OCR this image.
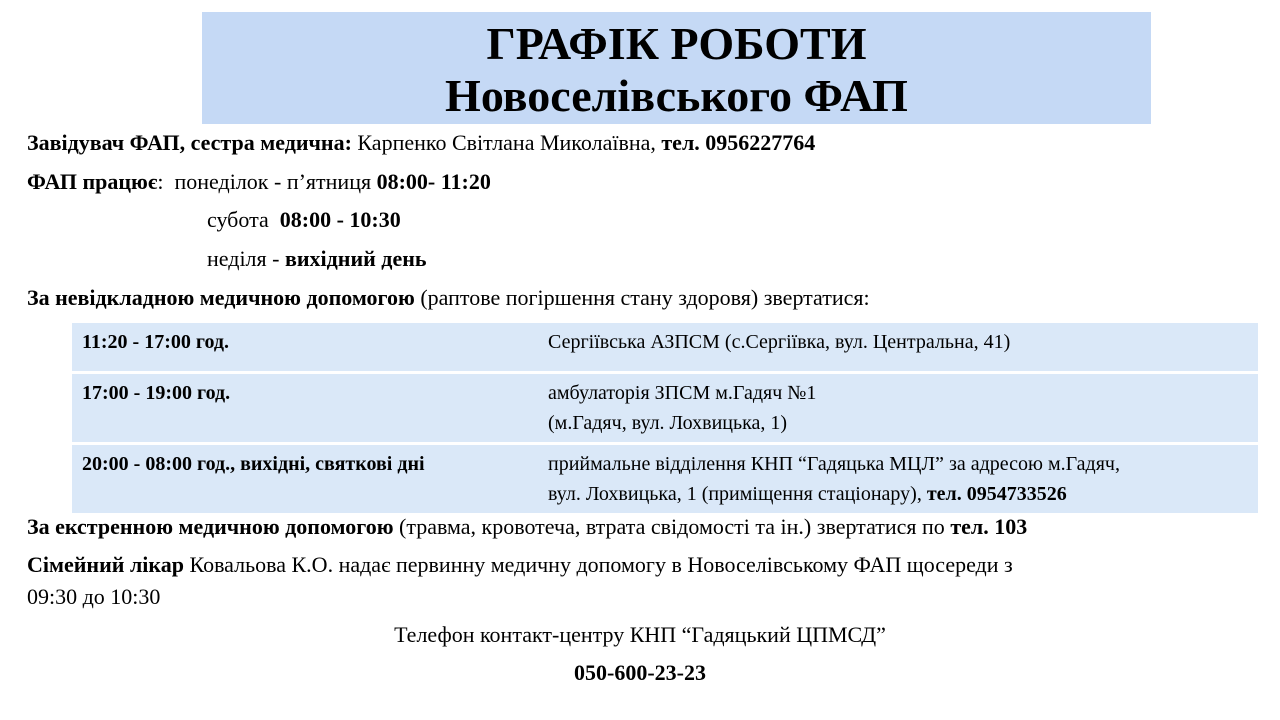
ГРАФІК РОБОТИ

Новоселівського ФАП

Завідувач ФАП, сестра медична: Карпенко Світлана Миколаївна, тел. 0956227764
ФАП працює:  понеділок - п’ятниця 08:00- 11:20
субота 08:00 - 10:30
неділя - вихідний день
За невідкладною медичною допомогою (раптове погіршення стану здоровя) звертатися:
11:20 - 17:00 год.	Сергіївська АЗПСМ (с.Сергіївка, вул. Центральна, 41)
17:00 - 19:00 год.	амбулаторія ЗПСМ м.Гадяч №1
(м.Гадяч, вул. Лохвицька, 1)

20:00 - 08:00 год., вихідні, святкові дні	приймальне відділення КНП “Гадяцька МЦЛ” за адресою м.Гадяч,
вул. Лохвицька, 1 (приміщення стаціонару), тел. 0954733526
За екстренною медичною допомогою (травма, кровотеча, втрата свідомості та ін.) звертатися по тел. 103
Сімейний лікар Ковальова К.О. надає первинну медичну допомогу в Новоселівському ФАП щосереди з
09:30 до 10:30
Телефон контакт-центру КНП “Гадяцький ЦПМСД”
050-600-23-23
